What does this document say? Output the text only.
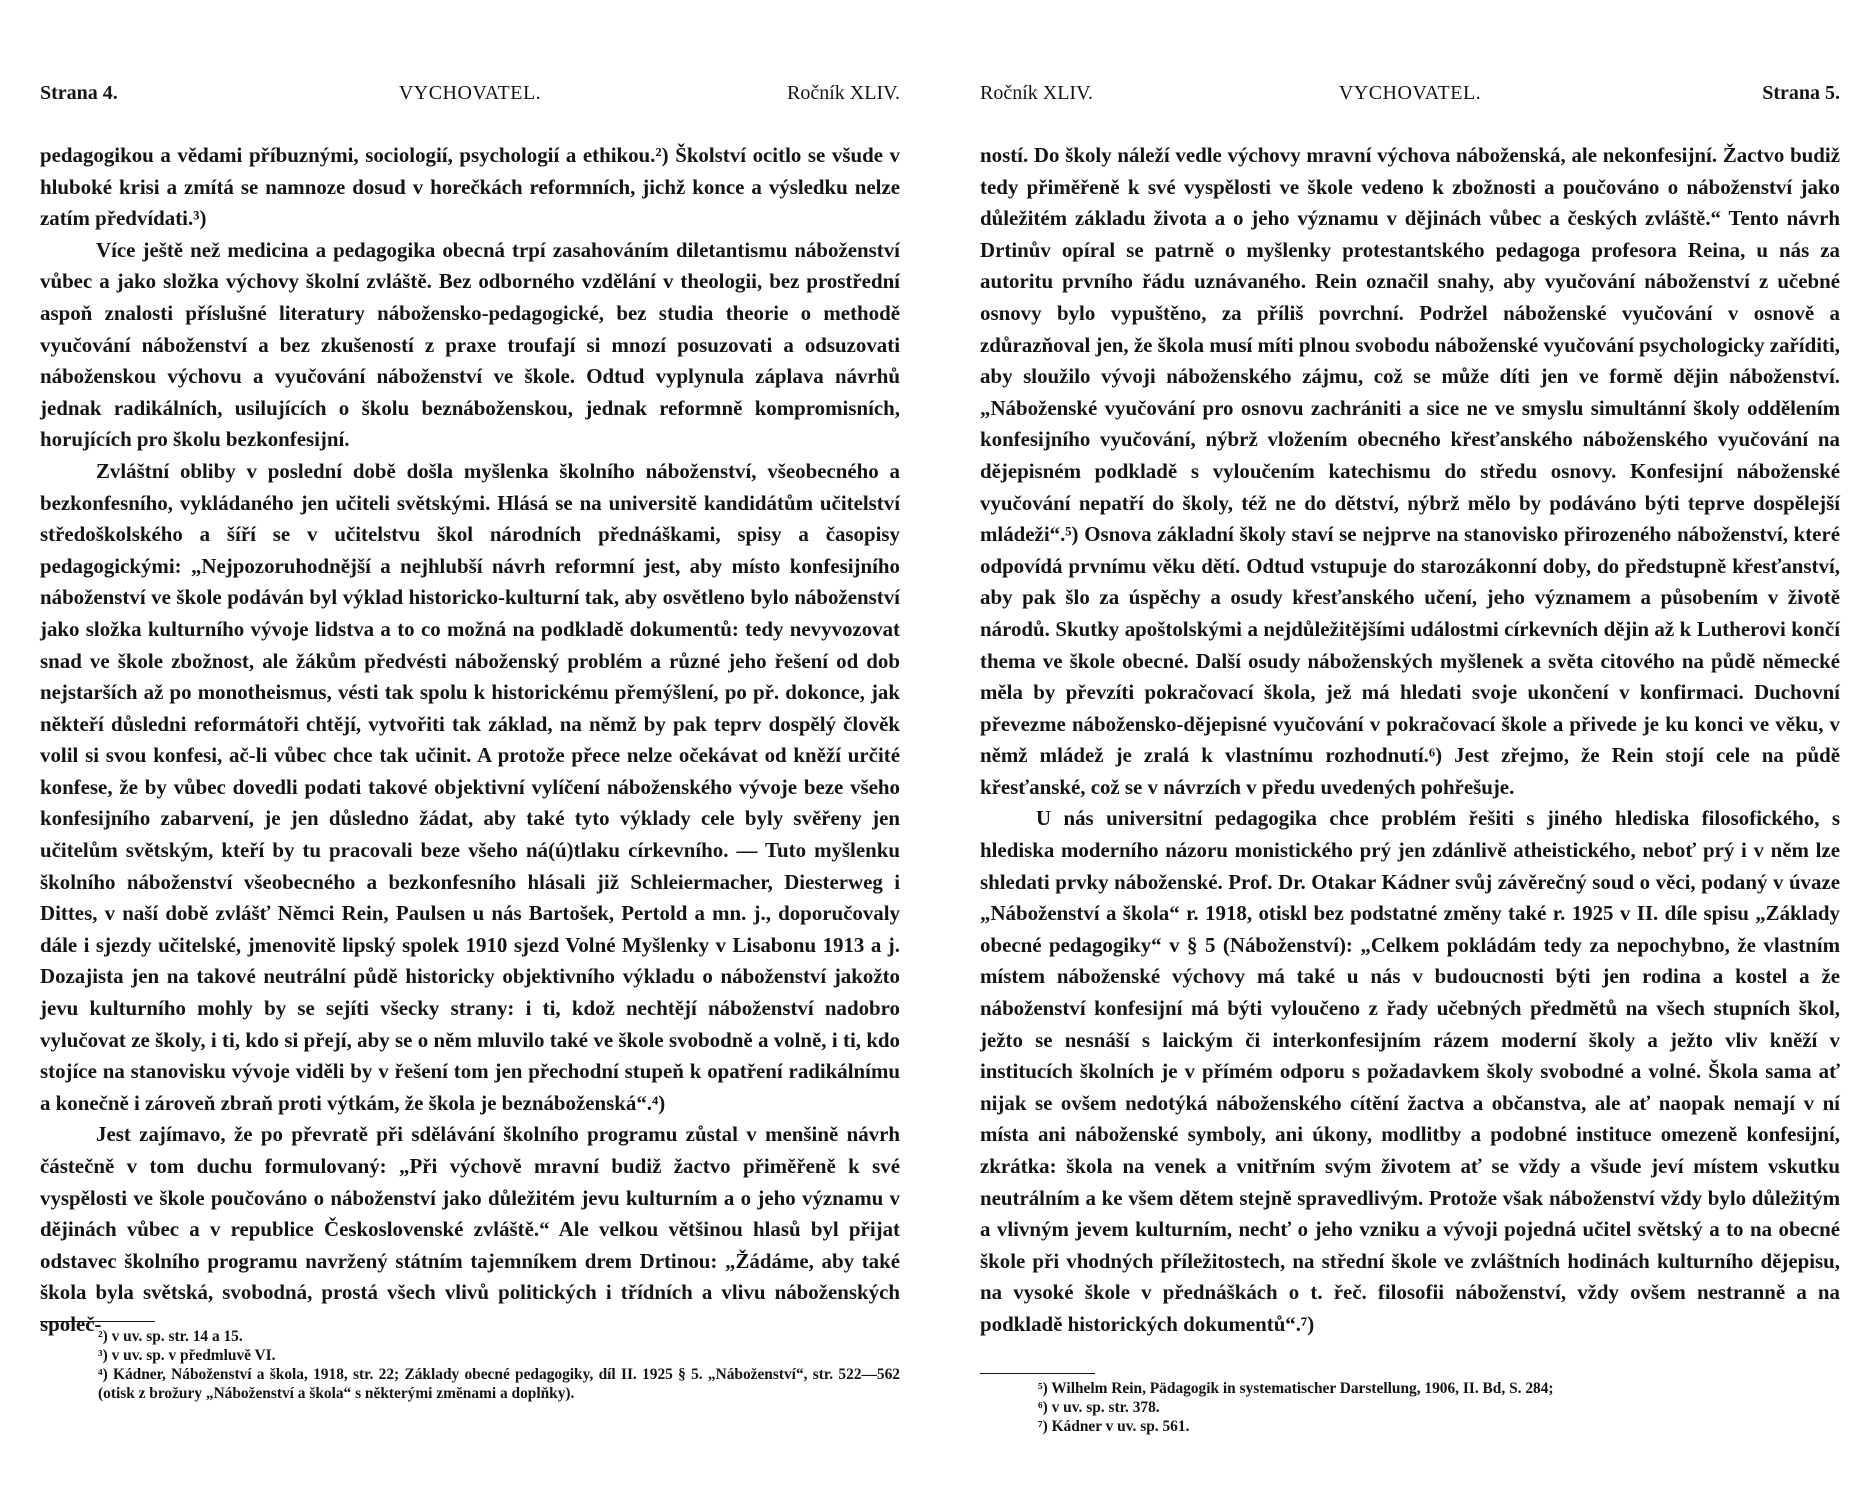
Strana 4.	VYCHOVATEL.	Ročník XLIV.

pedagogikou a vědami příbuznými, sociologií, psychologií a ethikou.²) Školství ocitlo se všude v hluboké krisi a zmítá se namnoze dosud v horečkách reformních, jichž konce a výsledku nelze zatím předvídati.³)

Více ještě než medicina a pedagogika obecná trpí zasahováním diletantismu náboženství vůbec a jako složka výchovy školní zvláště. Bez odborného vzdělání v theologii, bez prostřední aspoň znalosti příslušné literatury nábožensko-pedagogické, bez studia theorie o methodě vyučování náboženství a bez zkušeností z praxe troufají si mnozí posuzovati a odsuzovati náboženskou výchovu a vyučování náboženství ve škole. Odtud vyplynula záplava návrhů jednak radikálních, usilujících o školu beznáboženskou, jednak reformně kompromisních, horujících pro školu bezkonfesijní.

Zvláštní obliby v poslední době došla myšlenka školního náboženství, všeobecného a bezkonfesního, vykládaného jen učiteli světskými. Hlásá se na universitě kandidátům učitelství středoškolského a šíří se v učitelstvu škol národních přednáškami, spisy a časopisy pedagogickými: „Nejpozoruhodnější a nejhlubší návrh reformní jest, aby místo konfesijního náboženství ve škole podáván byl výklad historicko-kulturní tak, aby osvětleno bylo náboženství jako složka kulturního vývoje lidstva a to co možná na podkladě dokumentů: tedy nevyvozovat snad ve škole zbožnost, ale žákům předvésti náboženský problém a různé jeho řešení od dob nejstarších až po monotheismus, vésti tak spolu k historickému přemýšlení, po př. dokonce, jak někteří důsledni reformátoři chtějí, vytvořiti tak základ, na němž by pak teprv dospělý člověk volil si svou konfesi, ač-li vůbec chce tak učinit. A protože přece nelze očekávat od kněží určité konfese, že by vůbec dovedli podati takové objektivní vylíčení náboženského vývoje beze všeho konfesijního zabarvení, je jen důsledno žádat, aby také tyto výklady cele byly svěřeny jen učitelům světským, kteří by tu pracovali beze všeho ná(ú)tlaku církevního. — Tuto myšlenku školního náboženství všeobecného a bezkonfesního hlásali již Schleiermacher, Diesterweg i Dittes, v naší době zvlášť Němci Rein, Paulsen u nás Bartošek, Pertold a mn. j., doporučovaly dále i sjezdy učitelské, jmenovitě lipský spolek 1910 sjezd Volné Myšlenky v Lisabonu 1913 a j. Dozajista jen na takové neutrální půdě historicky objektivního výkladu o náboženství jakožto jevu kulturního mohly by se sejíti všecky strany: i ti, kdož nechtějí náboženství nadobro vylučovat ze školy, i ti, kdo si přejí, aby se o něm mluvilo také ve škole svobodně a volně, i ti, kdo stojíce na stanovisku vývoje viděli by v řešení tom jen přechodní stupeň k opatření radikálnímu a konečně i zároveň zbraň proti výtkám, že škola je beznáboženská“.⁴)

Jest zajímavo, že po převratě při sdělávání školního programu zůstal v menšině návrh částečně v tom duchu formulovaný: „Při výchově mravní budiž žactvo přiměřeně k své vyspělosti ve škole poučováno o náboženství jako důležitém jevu kulturním a o jeho významu v dějinách vůbec a v republice Československé zvláště.“ Ale velkou většinou hlasů byl přijat odstavec školního programu navržený státním tajemníkem drem Drtinou: „Žádáme, aby také škola byla světská, svobodná, prostá všech vlivů politických i třídních a vlivu náboženských společ-

²) v uv. sp. str. 14 a 15.

³) v uv. sp. v předmluvě VI.

⁴) Kádner, Náboženství a škola, 1918, str. 22; Základy obecné pedagogiky, díl II. 1925 § 5. „Náboženství“, str. 522—562 (otisk z brožury „Náboženství a škola“ s některými změnami a doplňky).

Ročník XLIV.	VYCHOVATEL.	Strana 5.

ností. Do školy náleží vedle výchovy mravní výchova náboženská, ale nekonfesijní. Žactvo budiž tedy přiměřeně k své vyspělosti ve škole vedeno k zbožnosti a poučováno o náboženství jako důležitém základu života a o jeho významu v dějinách vůbec a českých zvláště.“ Tento návrh Drtinův opíral se patrně o myšlenky protestantského pedagoga profesora Reina, u nás za autoritu prvního řádu uznávaného. Rein označil snahy, aby vyučování náboženství z učebné osnovy bylo vypuštěno, za příliš povrchní. Podržel náboženské vyučování v osnově a zdůrazňoval jen, že škola musí míti plnou svobodu náboženské vyučování psychologicky zaříditi, aby sloužilo vývoji náboženského zájmu, což se může díti jen ve formě dějin náboženství. „Náboženské vyučování pro osnovu zachrániti a sice ne ve smyslu simultánní školy oddělením konfesijního vyučování, nýbrž vložením obecného křesťanského náboženského vyučování na dějepisném podkladě s vyloučením katechismu do středu osnovy. Konfesijní náboženské vyučování nepatří do školy, též ne do dětství, nýbrž mělo by podáváno býti teprve dospělejší mládeži“.⁵) Osnova základní školy staví se nejprve na stanovisko přirozeného náboženství, které odpovídá prvnímu věku dětí. Odtud vstupuje do starozákonní doby, do předstupně křesťanství, aby pak šlo za úspěchy a osudy křesťanského učení, jeho významem a působením v životě národů. Skutky apoštolskými a nejdůležitějšími událostmi církevních dějin až k Lutherovi končí thema ve škole obecné. Další osudy náboženských myšlenek a světa citového na půdě německé měla by převzíti pokračovací škola, jež má hledati svoje ukončení v konfirmaci. Duchovní převezme nábožensko-dějepisné vyučování v pokračovací škole a přivede je ku konci ve věku, v němž mládež je zralá k vlastnímu rozhodnutí.⁶) Jest zřejmo, že Rein stojí cele na půdě křesťanské, což se v návrzích v předu uvedených pohřešuje.

U nás universitní pedagogika chce problém řešiti s jiného hlediska filosofického, s hlediska moderního názoru monistického prý jen zdánlivě atheistického, neboť prý i v něm lze shledati prvky náboženské. Prof. Dr. Otakar Kádner svůj závěrečný soud o věci, podaný v úvaze „Náboženství a škola“ r. 1918, otiskl bez podstatné změny také r. 1925 v II. díle spisu „Základy obecné pedagogiky“ v § 5 (Náboženství): „Celkem pokládám tedy za nepochybno, že vlastním místem náboženské výchovy má také u nás v budoucnosti býti jen rodina a kostel a že náboženství konfesijní má býti vyloučeno z řady učebných předmětů na všech stupních škol, ježto se nesnáší s laickým či interkonfesijním rázem moderní školy a ježto vliv kněží v institucích školních je v přímém odporu s požadavkem školy svobodné a volné. Škola sama ať nijak se ovšem nedotýká náboženského cítění žactva a občanstva, ale ať naopak nemají v ní místa ani náboženské symboly, ani úkony, modlitby a podobné instituce omezeně konfesijní, zkrátka: škola na venek a vnitřním svým životem ať se vždy a všude jeví místem vskutku neutrálním a ke všem dětem stejně spravedlivým. Protože však náboženství vždy bylo důležitým a vlivným jevem kulturním, nechť o jeho vzniku a vývoji pojedná učitel světský a to na obecné škole při vhodných příležitostech, na střední škole ve zvláštních hodinách kulturního dějepisu, na vysoké škole v přednáškách o t. řeč. filosofii náboženství, vždy ovšem nestranně a na podkladě historických dokumentů“.⁷)

⁵) Wilhelm Rein, Pädagogik in systematischer Darstellung, 1906, II. Bd, S. 284;

⁶) v uv. sp. str. 378.

⁷) Kádner v uv. sp. 561.
